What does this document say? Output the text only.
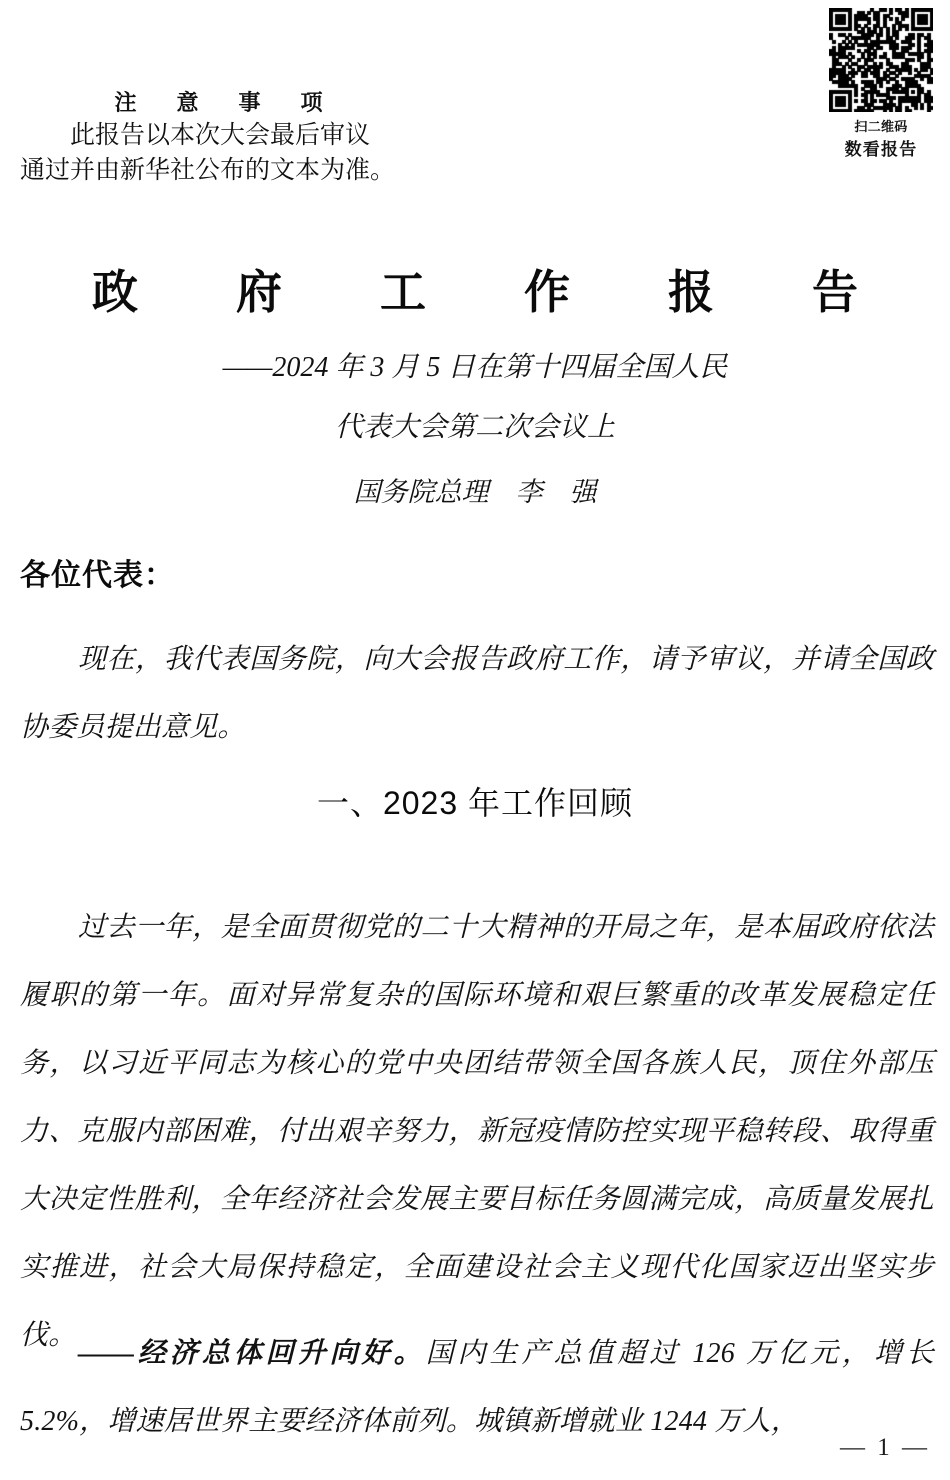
扫二维码
数看报告
注　意　事　项
此报告以本次大会最后审议
通过并由新华社公布的文本为准。
政　府　工　作　报　告
——2024 年 3 月 5 日在第十四届全国人民
代表大会第二次会议上
国务院总理　李　强
各位代表：

现在，我代表国务院，向大会报告政府工作，请予审议，并请全国政协委员提出意见。

一、2023 年工作回顾

过去一年，是全面贯彻党的二十大精神的开局之年，是本届政府依法履职的第一年。面对异常复杂的国际环境和艰巨繁重的改革发展稳定任务，以习近平同志为核心的党中央团结带领全国各族人民，顶住外部压力、克服内部困难，付出艰辛努力，新冠疫情防控实现平稳转段、取得重大决定性胜利，全年经济社会发展主要目标任务圆满完成，高质量发展扎实推进，社会大局保持稳定，全面建设社会主义现代化国家迈出坚实步伐。

——经济总体回升向好。国内生产总值超过 126 万亿元，增长 5.2%，增速居世界主要经济体前列。城镇新增就业 1244 万人，

— 1 —
